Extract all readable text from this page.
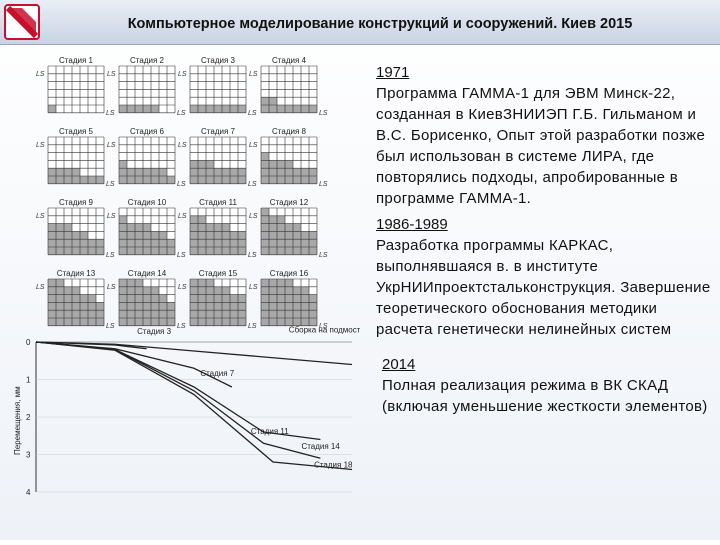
Компьютерное моделирование конструкций и сооружений. Киев 2015
Стадия 1
LS
LS
Стадия 2
LS
LS
Стадия 3
LS
LS
Стадия 4
LS
LS
Стадия 5
LS
LS
Стадия 6
LS
LS
Стадия 7
LS
LS
Стадия 8
LS
LS
Стадия 9
LS
LS
Стадия 10
LS
LS
Стадия 11
LS
LS
Стадия 12
LS
LS
Стадия 13
LS
LS
Стадия 14
LS
LS
Стадия 15
LS
LS
Стадия 16
LS
LS
0
1
2
3
4
Перемещения, мм
Сборка на подмост
Стадия 3
Стадия 7
Стадия 11
Стадия 14
Стадия 18

1971

Программа ГАММА-1 для ЭВМ Минск-22, созданная в КиевЗНИИЭП Г.Б. Гильманом и В.С. Борисенко, Опыт этой разработки позже был использован в системе ЛИРА, где повторялись подходы, апробированные в программе ГАММА-1.

1986-1989

Разработка программы КАРКАС, выполнявшаяся в. в институте УкрНИИпроектстальконструкция. Завершение теоретического обоснования методики расчета генетически нелинейных систем

2014

Полная реализация режима в ВК СКАД (включая уменьшение жесткости элементов)
